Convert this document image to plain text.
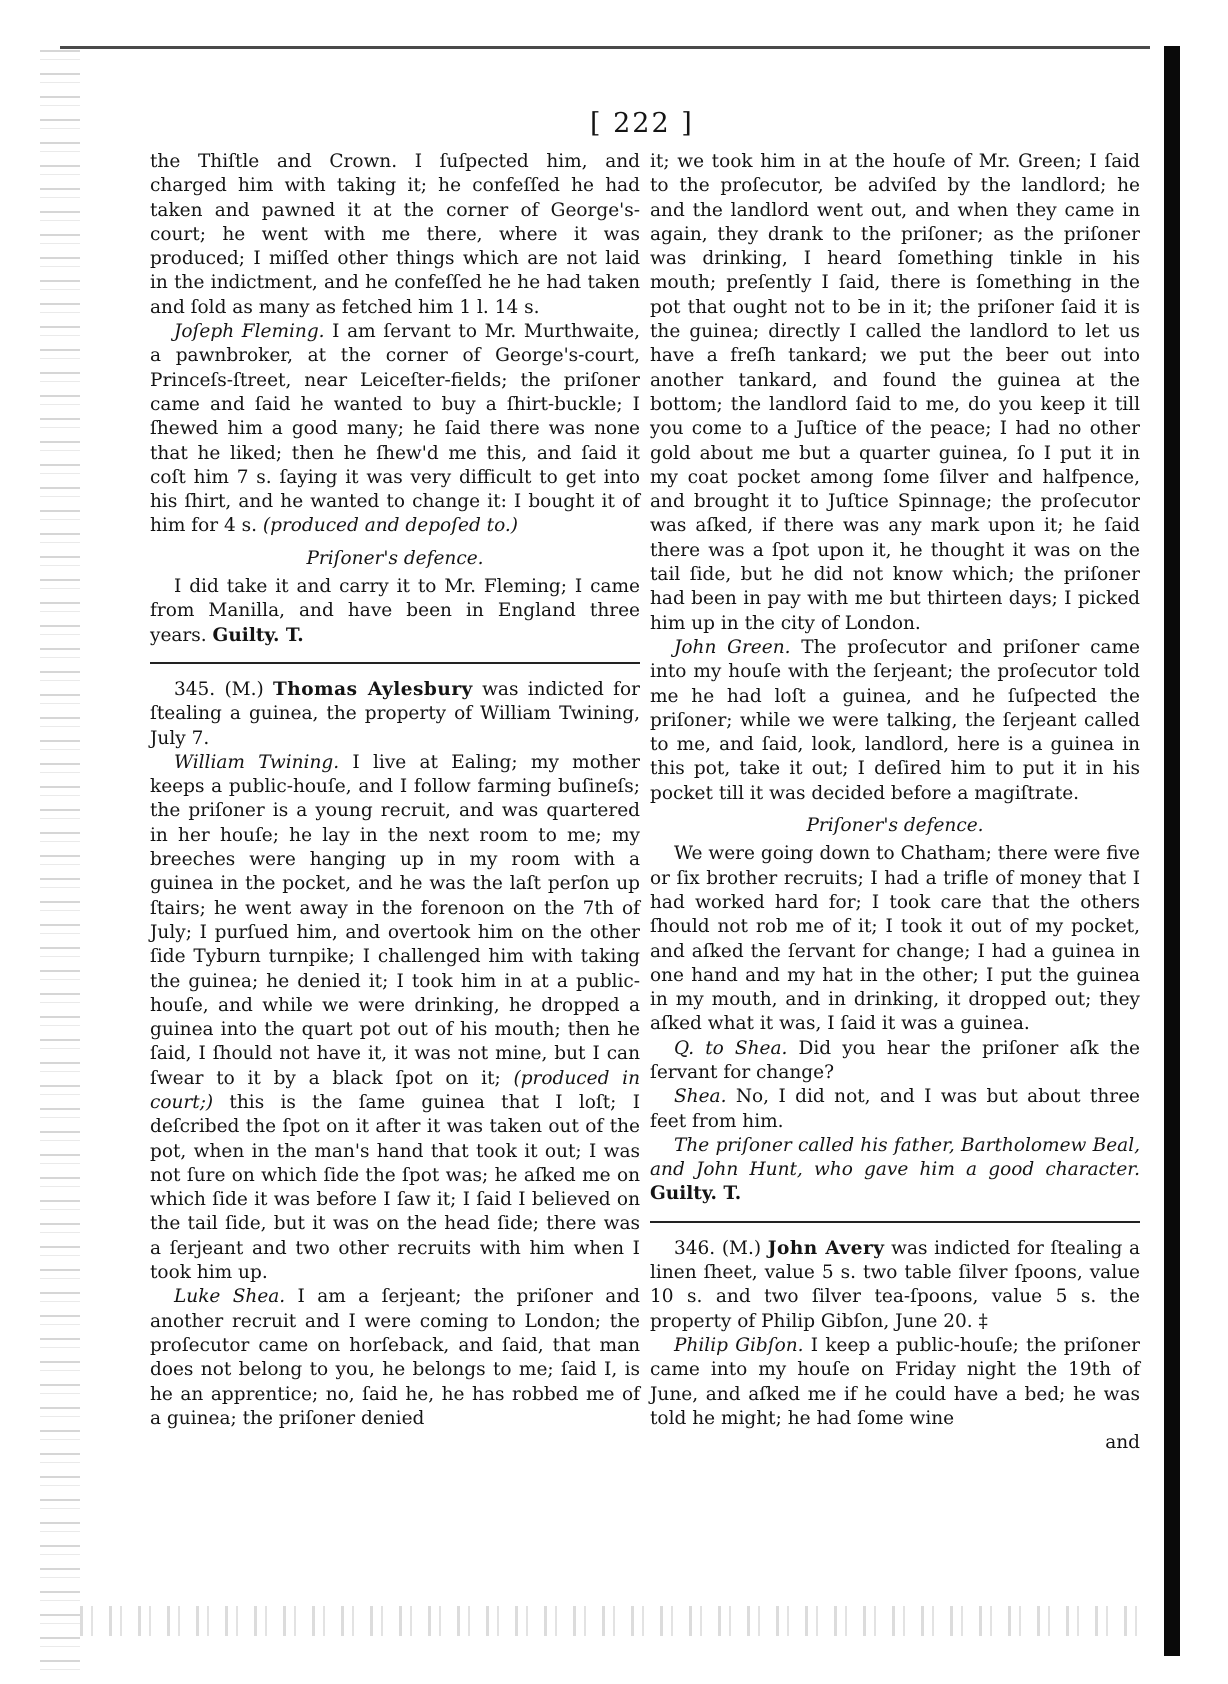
[ 222 ]

the Thiſtle and Crown. I ſuſpected him, and charged him with taking it; he confeſſed he had taken and pawned it at the corner of George's-court; he went with me there, where it was produced; I miſſed other things which are not laid in the indictment, and he confeſſed he he had taken and ſold as many as fetched him 1 l. 14 s.

Joſeph Fleming. I am ſervant to Mr. Murthwaite, a pawnbroker, at the corner of George's-court, Princeſs-ſtreet, near Leiceſter-fields; the priſoner came and ſaid he wanted to buy a ſhirt-buckle; I ſhewed him a good many; he ſaid there was none that he liked; then he ſhew'd me this, and ſaid it coſt him 7 s. ſaying it was very difficult to get into his ſhirt, and he wanted to change it: I bought it of him for 4 s. (produced and depoſed to.)

Priſoner's defence.

I did take it and carry it to Mr. Fleming; I came from Manilla, and have been in England three years. Guilty. T.

345. (M.) Thomas Aylesbury was indicted for ſtealing a guinea, the property of William Twining, July 7.

William Twining. I live at Ealing; my mother keeps a public-houſe, and I follow farming buſineſs; the priſoner is a young recruit, and was quartered in her houſe; he lay in the next room to me; my breeches were hanging up in my room with a guinea in the pocket, and he was the laſt perſon up ſtairs; he went away in the forenoon on the 7th of July; I purſued him, and overtook him on the other ſide Tyburn turnpike; I challenged him with taking the guinea; he denied it; I took him in at a public-houſe, and while we were drinking, he dropped a guinea into the quart pot out of his mouth; then he ſaid, I ſhould not have it, it was not mine, but I can ſwear to it by a black ſpot on it; (produced in court;) this is the ſame guinea that I loſt; I deſcribed the ſpot on it after it was taken out of the pot, when in the man's hand that took it out; I was not ſure on which ſide the ſpot was; he aſked me on which ſide it was before I ſaw it; I ſaid I believed on the tail ſide, but it was on the head ſide; there was a ſerjeant and two other recruits with him when I took him up.

Luke Shea. I am a ſerjeant; the priſoner and another recruit and I were coming to London; the proſecutor came on horſeback, and ſaid, that man does not belong to you, he belongs to me; ſaid I, is he an apprentice; no, ſaid he, he has robbed me of a guinea; the priſoner denied

it; we took him in at the houſe of Mr. Green; I ſaid to the proſecutor, be adviſed by the landlord; he and the landlord went out, and when they came in again, they drank to the priſoner; as the priſoner was drinking, I heard ſomething tinkle in his mouth; preſently I ſaid, there is ſomething in the pot that ought not to be in it; the priſoner ſaid it is the guinea; directly I called the landlord to let us have a freſh tankard; we put the beer out into another tankard, and found the guinea at the bottom; the landlord ſaid to me, do you keep it till you come to a Juſtice of the peace; I had no other gold about me but a quarter guinea, ſo I put it in my coat pocket among ſome ſilver and halfpence, and brought it to Juſtice Spinnage; the proſecutor was aſked, if there was any mark upon it; he ſaid there was a ſpot upon it, he thought it was on the tail ſide, but he did not know which; the priſoner had been in pay with me but thirteen days; I picked him up in the city of London.

John Green. The proſecutor and priſoner came into my houſe with the ſerjeant; the proſecutor told me he had loſt a guinea, and he ſuſpected the priſoner; while we were talking, the ſerjeant called to me, and ſaid, look, landlord, here is a guinea in this pot, take it out; I deſired him to put it in his pocket till it was decided before a magiſtrate.

Priſoner's defence.

We were going down to Chatham; there were five or ſix brother recruits; I had a trifle of money that I had worked hard for; I took care that the others ſhould not rob me of it; I took it out of my pocket, and aſked the ſervant for change; I had a guinea in one hand and my hat in the other; I put the guinea in my mouth, and in drinking, it dropped out; they aſked what it was, I ſaid it was a guinea.

Q. to Shea. Did you hear the priſoner aſk the ſervant for change?

Shea. No, I did not, and I was but about three feet from him.

The priſoner called his father, Bartholomew Beal, and John Hunt, who gave him a good character. Guilty. T.

346. (M.) John Avery was indicted for ſtealing a linen ſheet, value 5 s. two table ſilver ſpoons, value 10 s. and two ſilver tea-ſpoons, value 5 s. the property of Philip Gibſon, June 20. ‡

Philip Gibſon. I keep a public-houſe; the priſoner came into my houſe on Friday night the 19th of June, and aſked me if he could have a bed; he was told he might; he had ſome wine

and
